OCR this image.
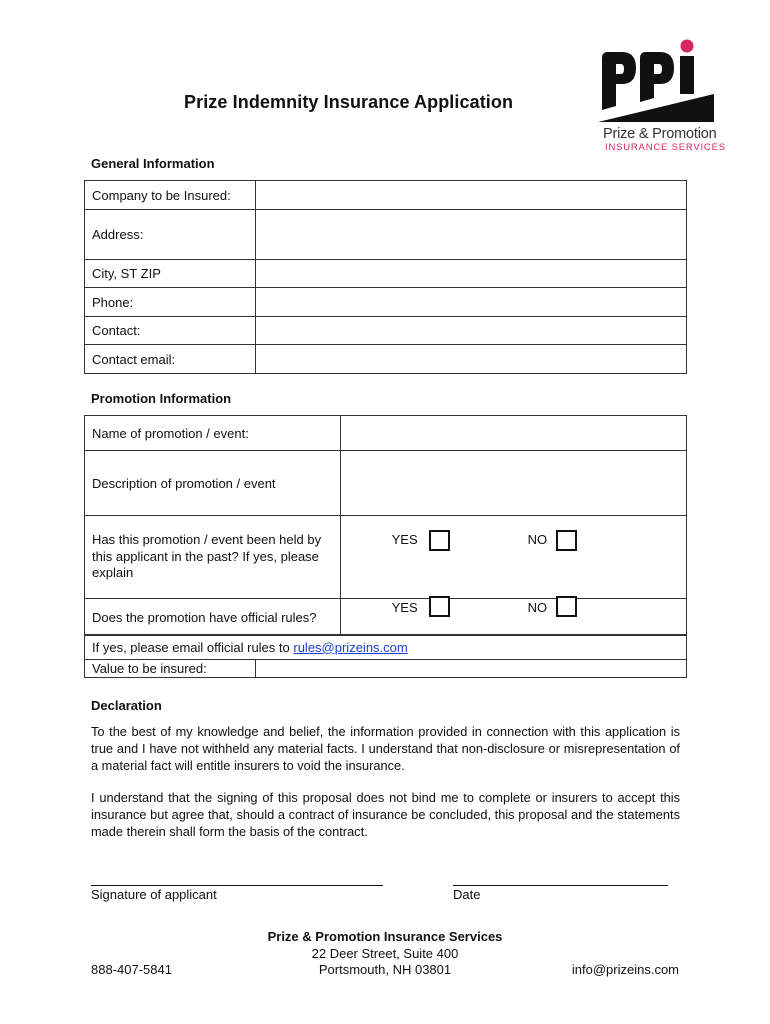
Prize Indemnity Insurance Application
Prize & Promotion
INSURANCE SERVICES
General Information
Company to be Insured:	
Address:	
City, ST ZIP	
Phone:	
Contact:	
Contact email:	
Promotion Information
Name of promotion / event:	
Description of promotion / event	
Has this promotion / event been held by this applicant in the past? If yes, please explain	YES NO

Does the promotion have official rules?	YES NO
If yes, please email official rules to rules@prizeins.com
Value to be insured:	
Declaration
To the best of my knowledge and belief, the information provided in connection with this application is true and I have not withheld any material facts. I understand that non-disclosure or misrepresentation of a material fact will entitle insurers to void the insurance.
I understand that the signing of this proposal does not bind me to complete or insurers to accept this insurance but agree that, should a contract of insurance be concluded, this proposal and the statements made therein shall form the basis of the contract.
Signature of applicant	Date
Prize & Promotion Insurance Services
22 Deer Street, Suite 400
Portsmouth, NH 03801
888-407-5841	info@prizeins.com
